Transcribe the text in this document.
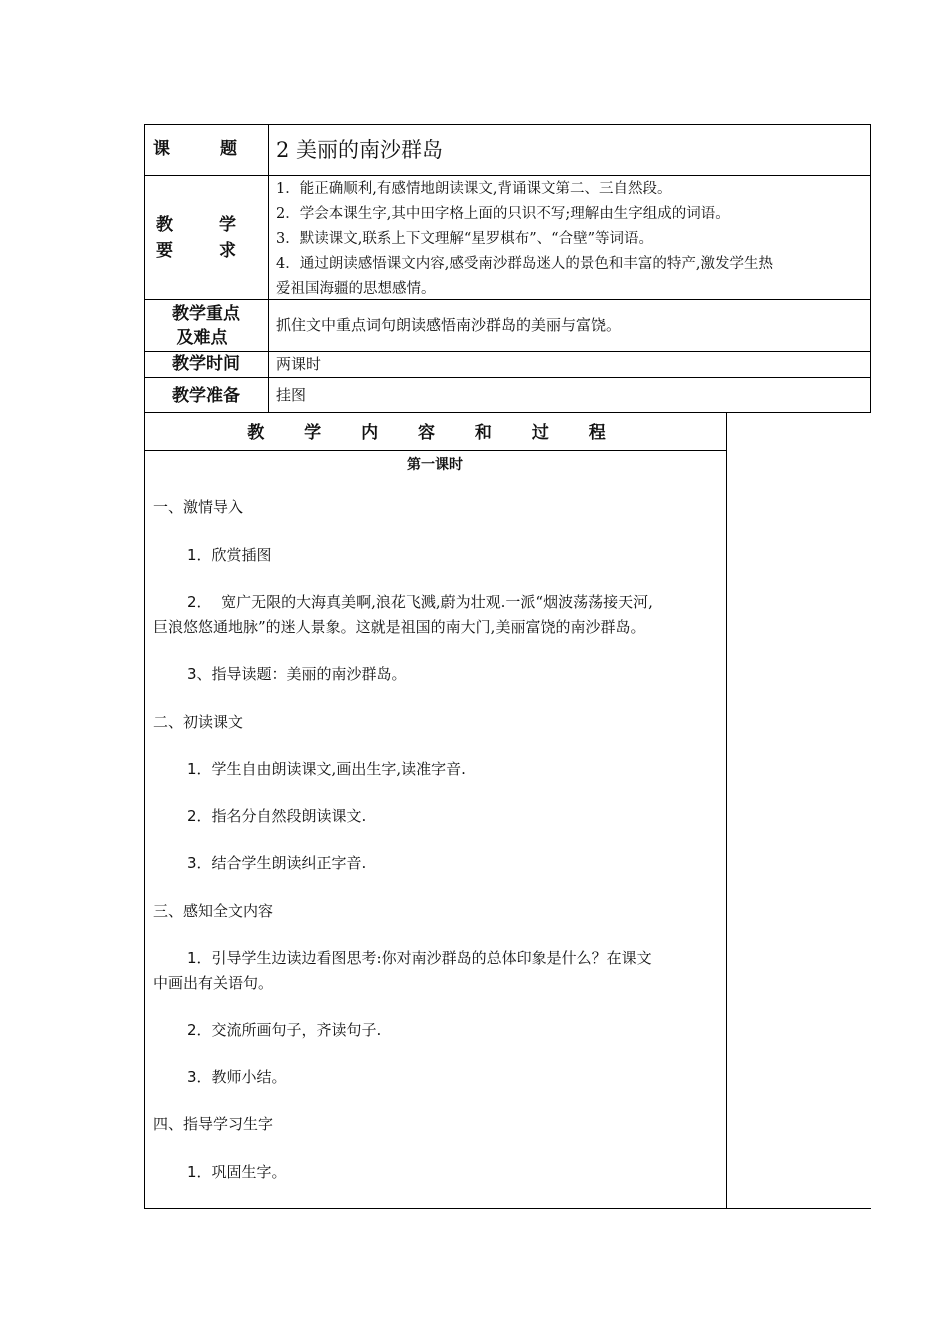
课 题 2 美丽的南沙群岛
教 学
要 求
1．能正确顺利,有感情地朗读课文,背诵课文第二、三自然段。
2．学会本课生字,其中田字格上面的只识不写;理解由生字组成的词语。
3．默读课文,联系上下文理解“星罗棋布”、“合壁”等词语。
4．通过朗读感悟课文内容,感受南沙群岛迷人的景色和丰富的特产,激发学生热
爱祖国海疆的思想感情。
教学重点
及难点
抓住文中重点词句朗读感悟南沙群岛的美丽与富饶。
教学时间	两课时
教学准备	挂图
教 学 内 容 和 过 程
第一课时

一、激情导入

1．欣赏插图

2． 宽广无限的大海真美啊,浪花飞溅,蔚为壮观.一派“烟波荡荡接天河,

巨浪悠悠通地脉”的迷人景象。这就是祖国的南大门,美丽富饶的南沙群岛。

3、指导读题：美丽的南沙群岛。

二、初读课文

1．学生自由朗读课文,画出生字,读准字音.

2．指名分自然段朗读课文.

3．结合学生朗读纠正字音.

三、感知全文内容

1．引导学生边读边看图思考:你对南沙群岛的总体印象是什么？在课文

中画出有关语句。

2．交流所画句子，齐读句子.

3．教师小结。

四、指导学习生字

1．巩固生字。
